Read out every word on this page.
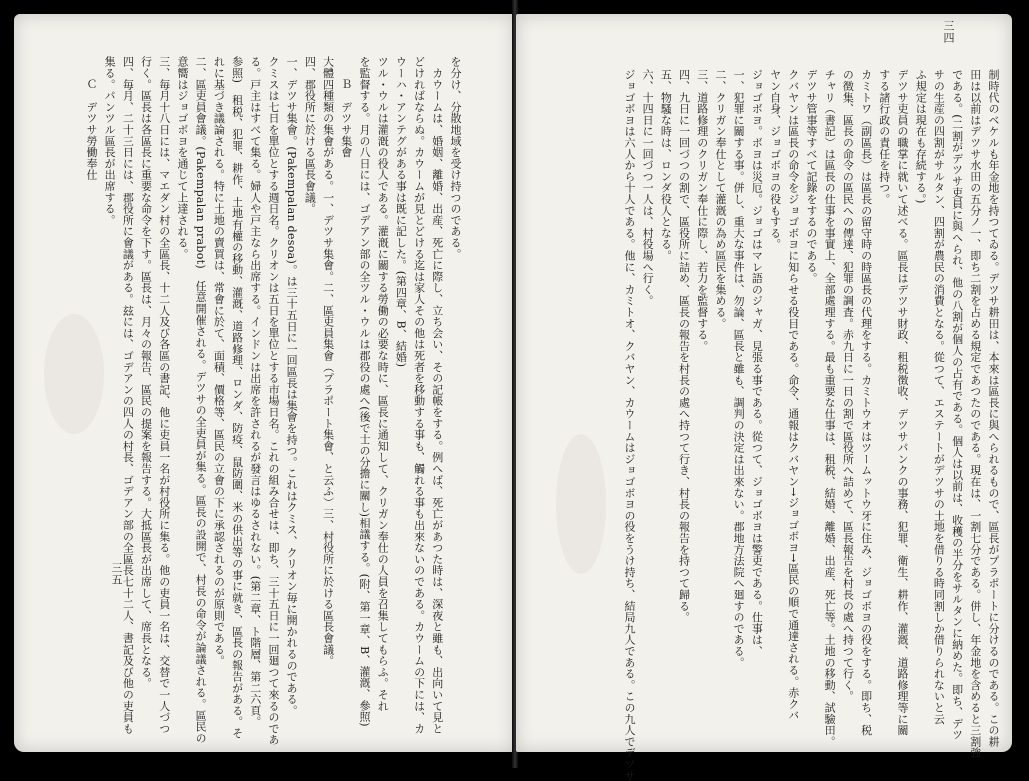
を分け、分散地域を受け持つのである。
　カウームは、婚姻、離婚、出産、死亡に際し、立ち会い、その記帳をする。例へば、死亡があつた時は、深夜と雖も、出向いて見と
どければならぬ。カウームが見とどける迄は家人その他は死者を移動する事も、觸れる事も出來ないのである。カウームの下には、カ
ウーハ・アンテグがある事は既に記した。(第四章、B、結婚)
ツル・ウルは灌漑の役人である。灌漑に關する勞働の必要な時に、區長に通知して、クリガン奉仕の人員を召集してもらふ。それ
を監督する。月の八日には、ゴデアン部の全ツル・ウルは郡役の處へ(後で士の分擔に關し)相議する。(附、第一章、B、灌漑、參照)
　　Ｂ　デツサ集會
大體四種類の集會がある。一、デツサ集會。二、區吏員集會（プラポート集會、と云ふ）三、村役所に於ける區長會議。
四、郡役所に於ける區長會議。
一、デツサ集會。(Pakempalan desoa)。は三十五日に一回區長は集會を持つ。これはクミス、クリオン毎に開かれるのである。
クミスは七日を單位とする週日名。クリオンは五日を單位とする市場日名。これの組み合せは、即ち、三十五日に一回廻つて來るのであ
る。戸主はすべて集る。婦人や戸主なら出席する。インドンは出席を許されるが發言はゆるされない。(第二章、ト階層、第二六頁。
参照)　租税、犯罪、耕作、土地有權の移動、灌漑、道路修理、ロンダ、防疫、鼠防圍、米の供出等の事に就き、區長の報告がある。そ
れに基づき議論される。特に土地の賣買は、常會に於て、面積、價格等、區民の立會の下に承認されるのが原則である。
二、區吏員會議。(Pakempalan prabot)　任意開催される。デツサの全吏員が集る。區長の設開で、村長の命令が論議される。區民の
意嚮はジョゴボヨを通じて上達される。
三、毎月十八日には、マエダン村の全區長、十二人及び各區の書記、他に吏員一名が村役所に集る。他の吏員一名は、交替で一人づつ
行く。區長は各區長に重要な命令を下す。區長は、月々の報告、區民の提案を報告する。大抵區長が出席して、席長となる。
四、毎月、二十三日には、郡役所に會議がある。玆には、ゴデアンの四人の村長、ゴデアン部の全區長七十二人、書記及び他の吏員も
集る。パンツル區長が出席する。
　　Ｃ　デツサ勞働奉仕
三五	制時代のベケルも年金地を持つてゐる。デツサ耕田は、本來は區長に與へられるもので、區長がプラポートに分けるのである。この耕
田は以前はデツサ水田の五分ノ一、即ち二割を占める規定であつたのである。現在は、一割七分である。併し、年金地を含めると三割強
である。(二割がデツサ吏員に與へられ、他の八割が個人の占有である。個人は以前は、收穫の半分をサルタンに納めた。即ち、デツ
サの生産の四割がサルタン、四割が農民の消費となる。從つて、エステートがデツサの土地を借りる時同割しか借りられないと云
ふ規定は現在も存続する。)
デツサ吏員の職掌に就いて述べる。區長はデツサ財政、租税徴收、デツサパンクの事務、犯罪、衛生、耕作、灌漑、道路修理等に關
する諸行政の責任を持つ。
カミトワ（副區長）は區長の留守時の時區長の代理をする。カミトウオはツームットウ牙に住み、ジョゴボヨの役をする。即ち、税
の徴集、區長の命令の區民への傳達、犯罪の調査。赤九日に一日の割で區役所へ詰めて、區長報告を村長の處へ持つて行く。
チャリ（書記）は區長の仕事を事實上、全部處理する。最も重要な仕事は、租税、結婚、離婚、出産、死亡等。土地の移動、試驗田。
デツサ管事等すべて記錄をするのである。
クバヤンは區長の命令をジョゴボヨに知らせる役目である。命令、通報はクバヤン→ジョゴボヨ→區民の順で通達される。赤クバ
ヤン自身、ジョゴボヨの役もする。
ジョゴボヨ。ボヨは災厄。ジョゴはマレ語のジャガ、見張る事である。從つて、ジョゴボヨは警吏である。仕事は、
一、犯罪に關する事。併し、重大な事件は、勿論、區長と雖も、調判の決定は出來ない。郡地方法院へ廻すのである。
二、クリガン奉仕として灌漑の為め區民を集める。
三、道路修理のクリガン奉仕に際し、若力を監督する。
四、九日に一回づつの割で、區役所に詰め、區長の報告を村長の處へ持つて行き、村長の報告を持つて歸る。
五、物騷な時は、ロンダ役人となる。
六、十四日に一回づつ一人は、村役場へ行く。
ジョゴボヨは六人から十人である。他に、カミトオ、クバヤン、カウームはジョゴボヨの役をうけ持ち、結局九人である。この九人でデツサ
三四
